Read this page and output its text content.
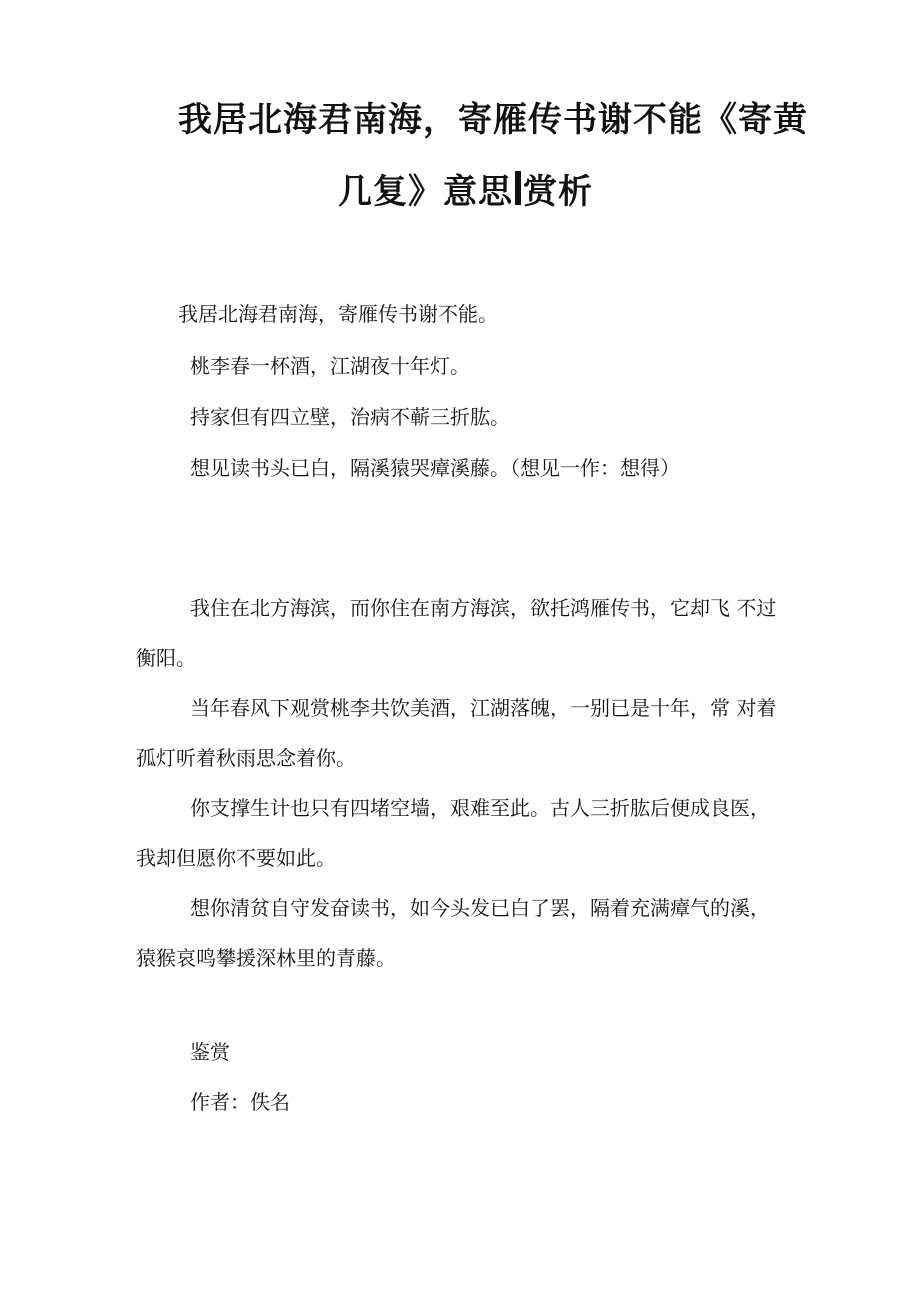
我居北海君南海，寄雁传书谢不能《寄黄
几复》意思 赏析
我居北海君南海，寄雁传书谢不能。
桃李春一杯酒，江湖夜十年灯。
持家但有四立壁，治病不蕲三折肱。
想见读书头已白，隔溪猿哭瘴溪藤。（想见一作：想得）

我住在北方海滨，而你住在南方海滨，欲托鸿雁传书，它却飞 不过衡阳。

当年春风下观赏桃李共饮美酒，江湖落魄，一别已是十年，常 对着孤灯听着秋雨思念着你。

你支撑生计也只有四堵空墙，艰难至此。古人三折肱后便成良医，我却但愿你不要如此。

想你清贫自守发奋读书，如今头发已白了罢，隔着充满瘴气的溪，猿猴哀鸣攀援深林里的青藤。

鉴赏
作者：佚名
